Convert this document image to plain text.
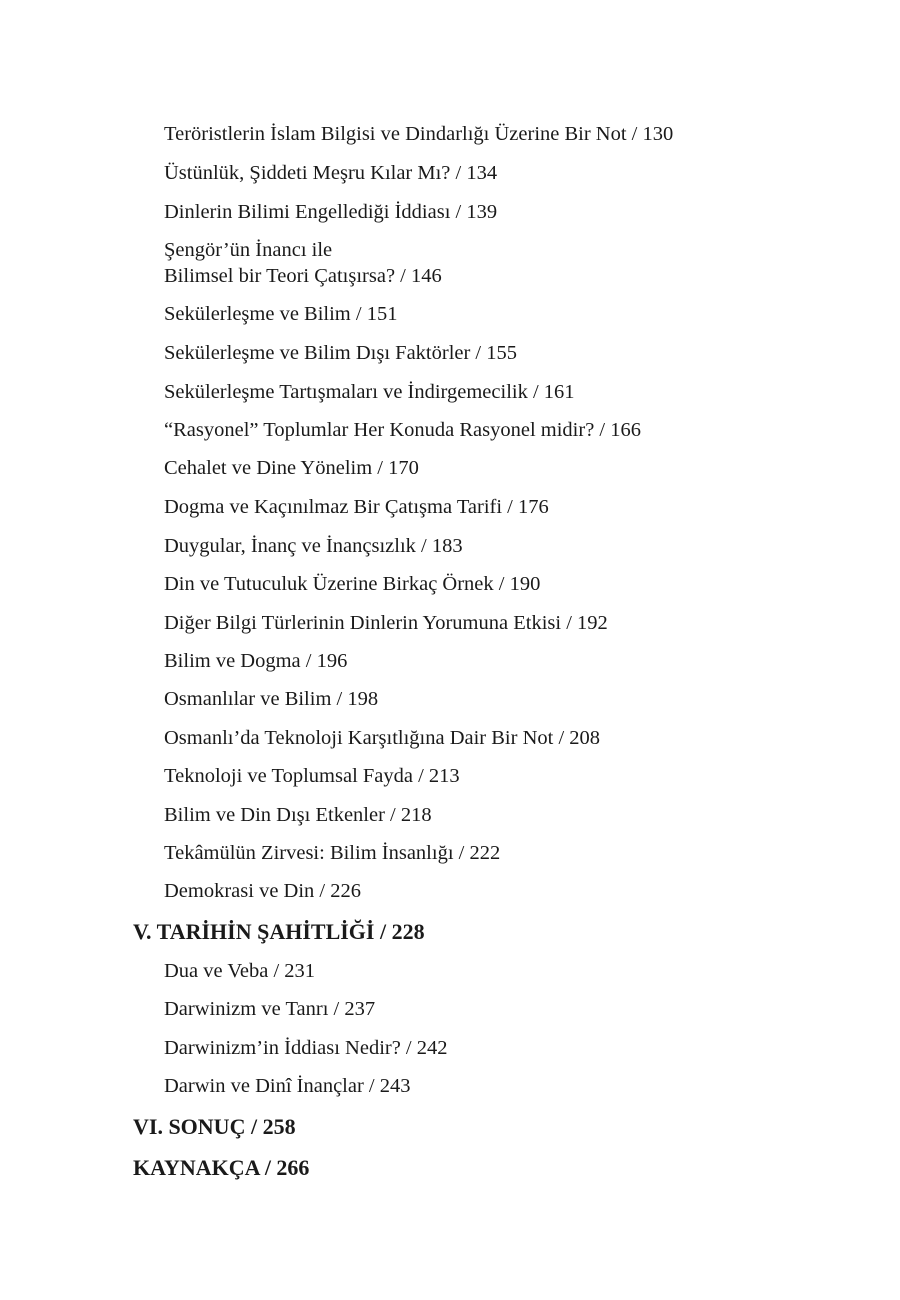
Teröristlerin İslam Bilgisi ve Dindarlığı Üzerine Bir Not / 130

Üstünlük, Şiddeti Meşru Kılar Mı? / 134

Dinlerin Bilimi Engellediği İddiası / 139

Şengör’ün İnancı ile
Bilimsel bir Teori Çatışırsa? / 146

Sekülerleşme ve Bilim / 151

Sekülerleşme ve Bilim Dışı Faktörler / 155

Sekülerleşme Tartışmaları ve İndirgemecilik / 161

“Rasyonel” Toplumlar Her Konuda Rasyonel midir? / 166

Cehalet ve Dine Yönelim / 170

Dogma ve Kaçınılmaz Bir Çatışma Tarifi / 176

Duygular, İnanç ve İnançsızlık / 183

Din ve Tutuculuk Üzerine Birkaç Örnek / 190

Diğer Bilgi Türlerinin Dinlerin Yorumuna Etkisi / 192

Bilim ve Dogma / 196

Osmanlılar ve Bilim / 198

Osmanlı’da Teknoloji Karşıtlığına Dair Bir Not / 208

Teknoloji ve Toplumsal Fayda / 213

Bilim ve Din Dışı Etkenler / 218

Tekâmülün Zirvesi: Bilim İnsanlığı / 222

Demokrasi ve Din / 226

V. TARİHİN ŞAHİTLİĞİ / 228

Dua ve Veba / 231

Darwinizm ve Tanrı / 237

Darwinizm’in İddiası Nedir? / 242

Darwin ve Dinî İnançlar / 243

VI. SONUÇ / 258
KAYNAKÇA / 266
